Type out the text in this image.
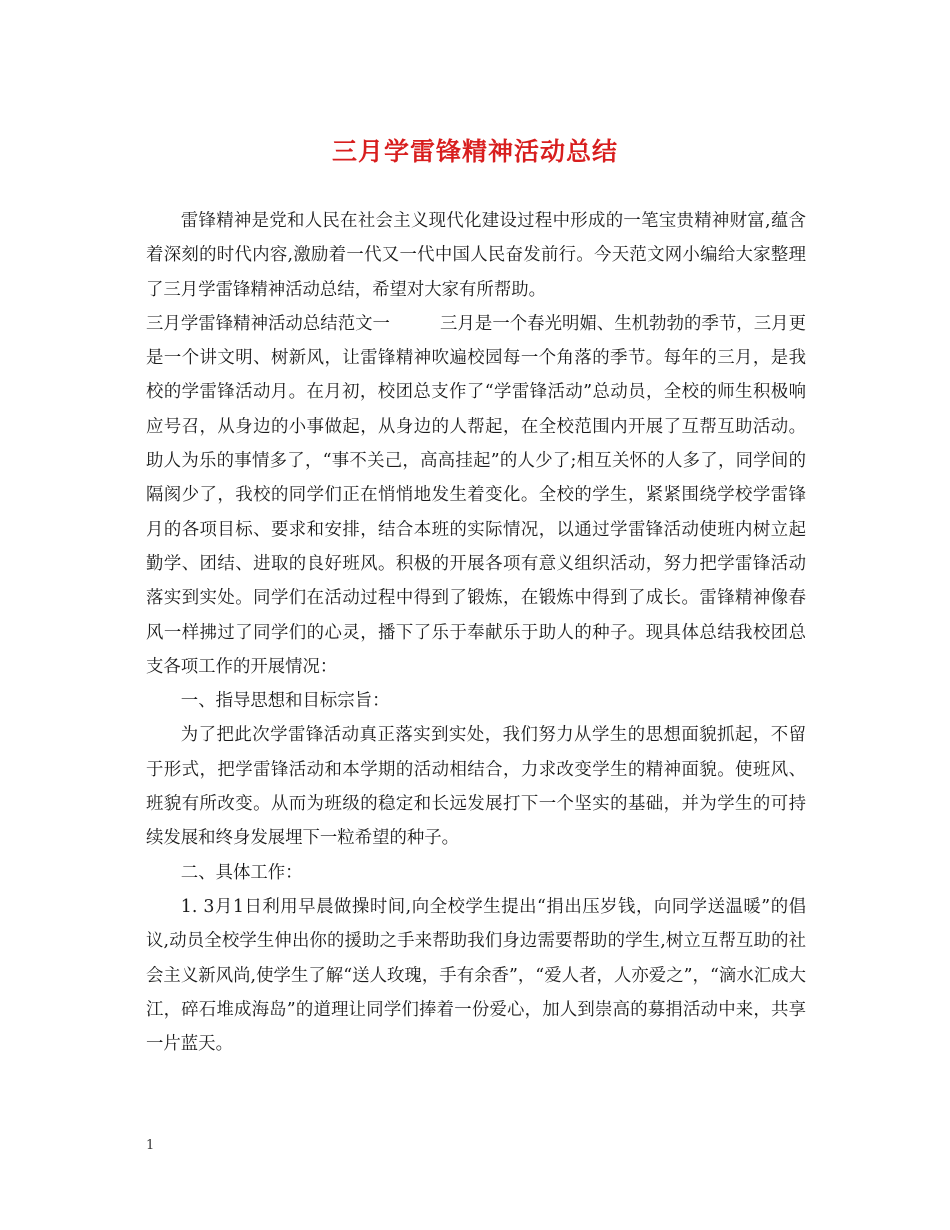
三月学雷锋精神活动总结

雷锋精神是党和人民在社会主义现代化建设过程中形成的一笔宝贵精神财富,蕴含着深刻的时代内容,激励着一代又一代中国人民奋发前行。今天范文网小编给大家整理了三月学雷锋精神活动总结，希望对大家有所帮助。

三月学雷锋精神活动总结范文一	三月是一个春光明媚、生机勃勃的季节，三月更是一个讲文明、树新风，让雷锋精神吹遍校园每一个角落的季节。每年的三月，是我校的学雷锋活动月。在月初，校团总支作了“学雷锋活动”总动员，全校的师生积极响应号召，从身边的小事做起，从身边的人帮起，在全校范围内开展了互帮互助活动。助人为乐的事情多了，“事不关己，高高挂起”的人少了;相互关怀的人多了，同学间的隔阂少了，我校的同学们正在悄悄地发生着变化。全校的学生，紧紧围绕学校学雷锋月的各项目标、要求和安排，结合本班的实际情况，以通过学雷锋活动使班内树立起勤学、团结、进取的良好班风。积极的开展各项有意义组织活动，努力把学雷锋活动落实到实处。同学们在活动过程中得到了锻炼，在锻炼中得到了成长。雷锋精神像春风一样拂过了同学们的心灵，播下了乐于奉献乐于助人的种子。现具体总结我校团总支各项工作的开展情况：

一、指导思想和目标宗旨：

为了把此次学雷锋活动真正落实到实处，我们努力从学生的思想面貌抓起，不留于形式，把学雷锋活动和本学期的活动相结合，力求改变学生的精神面貌。使班风、班貌有所改变。从而为班级的稳定和长远发展打下一个坚实的基础，并为学生的可持续发展和终身发展埋下一粒希望的种子。

二、具体工作：

1. 3月1日利用早晨做操时间,向全校学生提出“捐出压岁钱，向同学送温暖”的倡议,动员全校学生伸出你的援助之手来帮助我们身边需要帮助的学生,树立互帮互助的社会主义新风尚,使学生了解“送人玫瑰，手有余香”，“爱人者，人亦爱之”，“滴水汇成大江，碎石堆成海岛”的道理让同学们捧着一份爱心，加人到崇高的募捐活动中来，共享一片蓝天。

1
